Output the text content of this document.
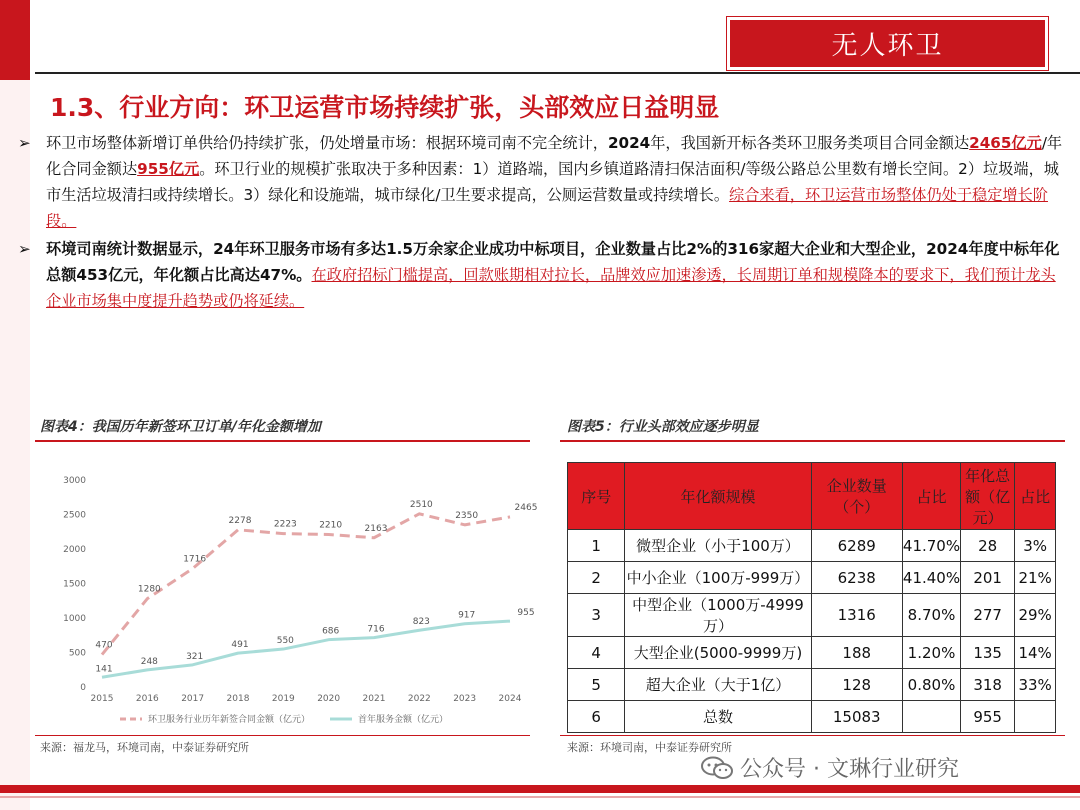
无人环卫
1.3、行业方向：环卫运营市场持续扩张，头部效应日益明显
➢	环卫市场整体新增订单供给仍持续扩张，仍处增量市场：根据环境司南不完全统计，2024年，我国新开标各类环卫服务类项目合同金额达2465亿元/年化合同金额达955亿元。环卫行业的规模扩张取决于多种因素：1）道路端，国内乡镇道路清扫保洁面积/等级公路总公里数有增长空间。2）垃圾端，城市生活垃圾清扫或持续增长。3）绿化和设施端，城市绿化/卫生要求提高，公厕运营数量或持续增长。综合来看，环卫运营市场整体仍处于稳定增长阶段。
➢	环境司南统计数据显示，24年环卫服务市场有多达1.5万余家企业成功中标项目，企业数量占比2%的316家超大企业和大型企业，2024年度中标年化总额453亿元，年化额占比高达47%。在政府招标门槛提高，回款账期相对拉长，品牌效应加速渗透，长周期订单和规模降本的要求下，我们预计龙头企业市场集中度提升趋势或仍将延续。
图表4：我国历年新签环卫订单/年化金额增加
0
500
1000
1500
2000
2500
3000
2015 2016 2017 2018 2019 2020 2021 2022 2023 2024
470
1280
1716
2278 2223 2210 2163
2510
2350
2465
141
248
321
491	550
686	716
823
917	955
环卫服务行业历年新签合同金额（亿元）	首年服务金额（亿元）
来源：福龙马，环境司南，中泰证券研究所
图表5：行业头部效应逐步明显
序号	年化额规模	企业数量（个）	占比	年化总额（亿元）	占比
1	微型企业（小于100万）	6289	41.70%	28	3%
2	中小企业（100万-999万）	6238	41.40%	201	21%
3	中型企业（1000万-4999万）	1316	8.70%	277	29%
4	大型企业(5000-9999万)	188	1.20%	135	14%
5	超大企业（大于1亿）	128	0.80%	318	33%
6	总数	15083		955	
来源：环境司南，中泰证券研究所
公众号 · 文琳行业研究
